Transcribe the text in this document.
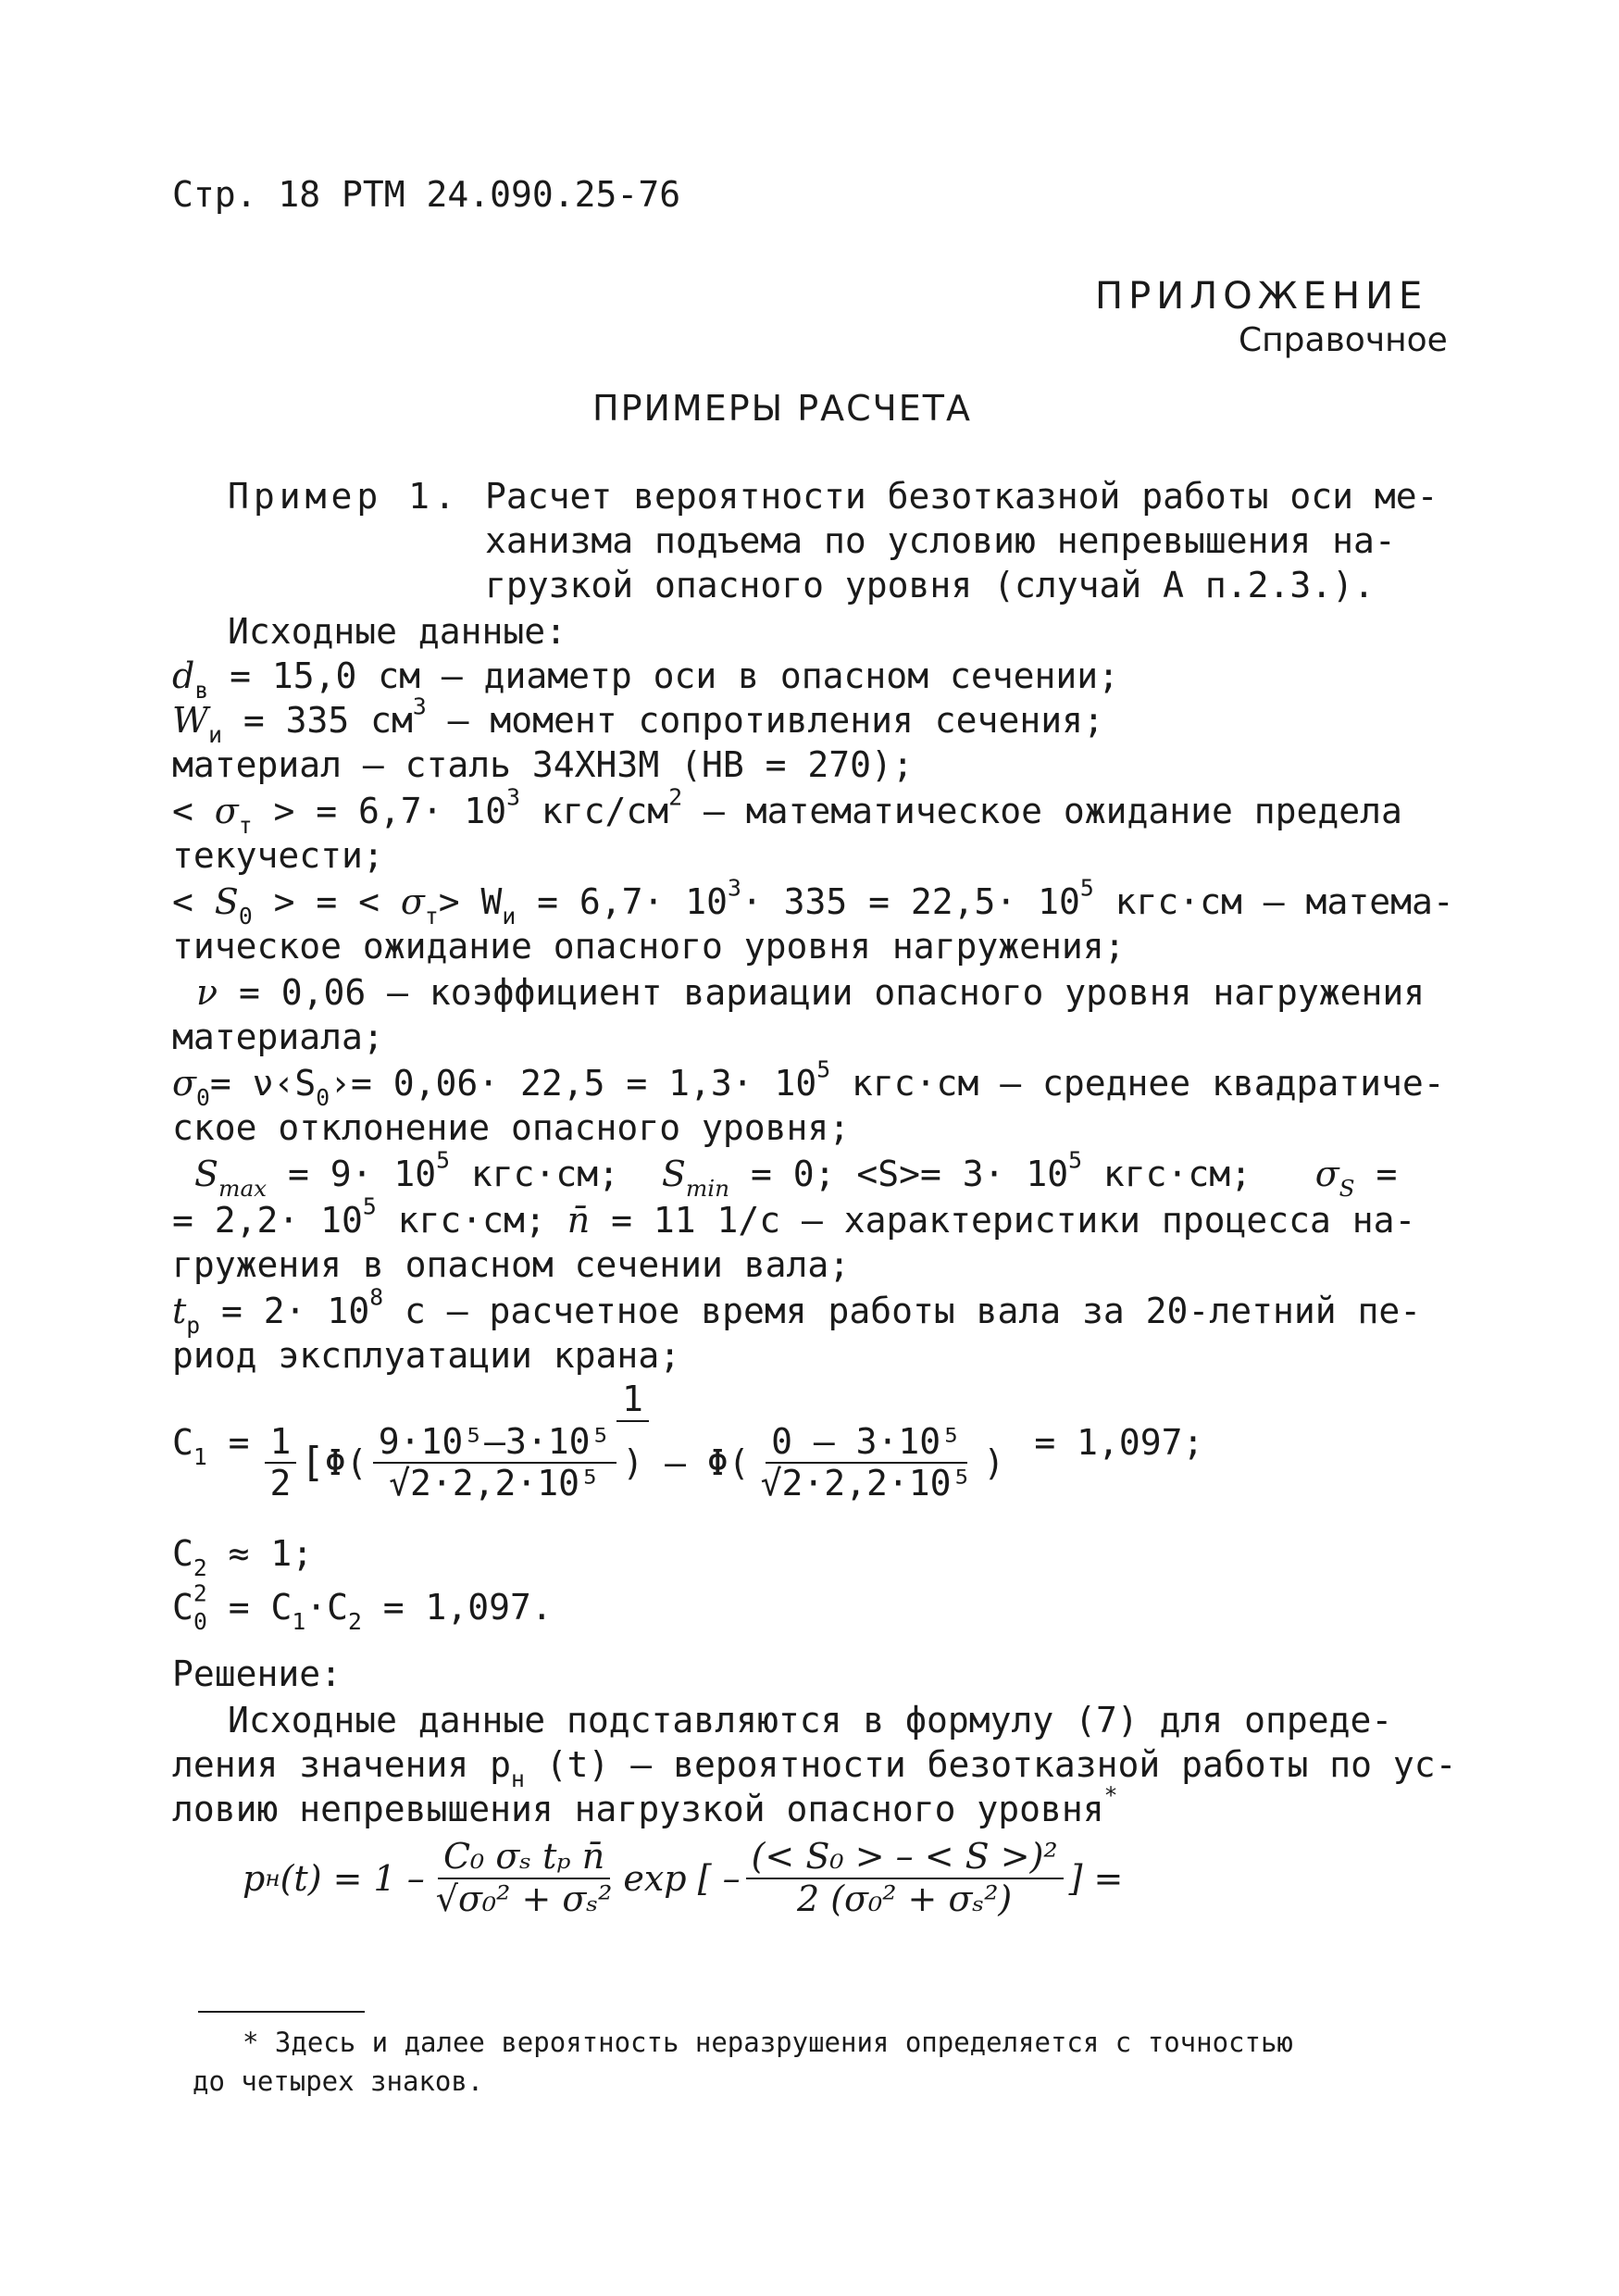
Стр. 18 РТМ 24.090.25-76
ПРИЛОЖЕНИЕ
Справочное
ПРИМЕРЫ РАСЧЕТА
Пример 1. Расчет вероятности безотказной работы оси ме-
ханизма подъема по условию непревышения на-
грузкой опасного уровня (случай А п.2.3.).
Исходные данные:
$d_в = 15,0$ см – диаметр оси в опасном сечении;
$W_и = 335$ $см^3$ – момент сопротивления сечения;
материал – сталь 34ХН3М (НВ = 270);
< $\sigma_т$ > = $6,7\cdot 10^3$ кгс/$см^2$ – математическое ожидание предела
текучести;
< $S_0$ > = < $\sigma_т> W_и = 6,7\cdot 10^3\cdot 335 = 22,5\cdot 10^5$ кгс·см – матема-
тическое ожидание опасного уровня нагружения;
ν = 0,06 – коэффициент вариации опасного уровня нагружения
материала;
$\sigma_0=$ $\nu‹S_0›= 0,06\cdot 22,5 = 1,3\cdot 10^5$ кгс·см – среднее квадратиче-
ское отклонение опасного уровня;
$S_{max} = 9\cdot 10^5$ кгс·см; $S_{min} = 0$; $<S>= 3\cdot 10^5$ кгс·см; $\sigma_S$ =
= $2,2\cdot 10^5$ кгс·см; n̄ = 11 1/с – характеристики процесса на-
гружения в опасном сечении вала;
$t_р = 2\cdot 10^8$ с – расчетное время работы вала за 20-летний пе-
риод эксплуатации крана;
$C_1$ =
1
$\frac{1}{2}$ [ $\Phi( \frac{\text{9·10⁵–3·10⁵}}{\text{√2·2,2·10⁵}}$ ) – $\Phi( \frac{\text{0 – 3·10⁵}}{\text{√2·2,2·10⁵}}$ ) = 1,097;
$C_2 \approx 1$;
$C^2_0 = C_1\cdot C_2 = 1,097$.
Решение:
Исходные данные подставляются в формулу (7) для опреде-
ления значения $p_н$ (t) – вероятности безотказной работы по ус-
ловию непревышения нагрузкой опасного уровня*
p н $(t) = 1 - \frac{\text{C₀ σₛ tₚ n̄}}{\text{√σ₀² + σₛ²}}$ exp [ – $\frac{\text{(< S₀ > – < S >)²}}{\text{2 (σ₀² + σₛ²)}}$ ] =
* Здесь и далее вероятность неразрушения определяется с точностью
до четырех знаков.
